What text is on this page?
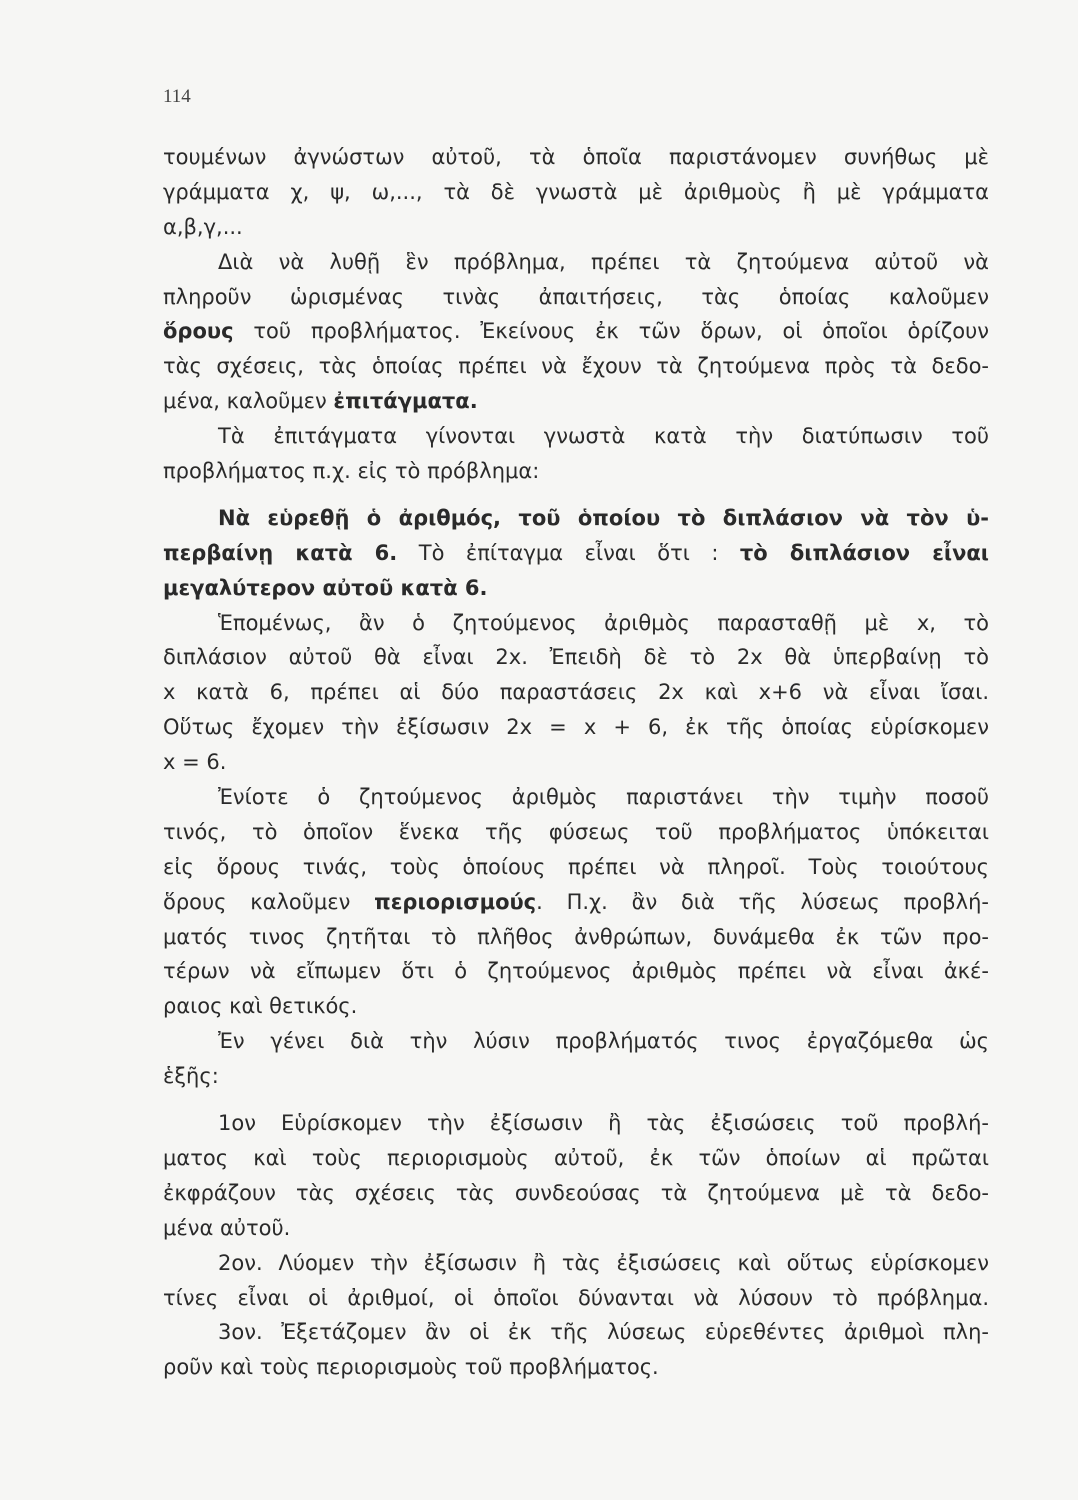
114
τουμένων ἀγνώστων αὐτοῦ, τὰ ὁποῖα παριστάνομεν συνήθως μὲ
γράμματα χ, ψ, ω,..., τὰ δὲ γνωστὰ μὲ ἀριθμοὺς ἢ μὲ γράμματα
α,β,γ,...
Διὰ νὰ λυθῇ ἓν πρόβλημα, πρέπει τὰ ζητούμενα αὐτοῦ νὰ
πληροῦν ὡρισμένας τινὰς ἀπαιτήσεις, τὰς ὁποίας καλοῦμεν
ὅρους τοῦ προβλήματος. Ἐκείνους ἐκ τῶν ὅρων, οἱ ὁποῖοι ὁρίζουν
τὰς σχέσεις, τὰς ὁποίας πρέπει νὰ ἔχουν τὰ ζητούμενα πρὸς τὰ δεδο-
μένα, καλοῦμεν ἐπιτάγματα.
Τὰ ἐπιτάγματα γίνονται γνωστὰ κατὰ τὴν διατύπωσιν τοῦ
προβλήματος π.χ. εἰς τὸ πρόβλημα:
Νὰ εὑρεθῇ ὁ ἀριθμός, τοῦ ὁποίου τὸ διπλάσιον νὰ τὸν ὑ-
περβαίνῃ κατὰ 6. Τὸ ἐπίταγμα εἶναι ὅτι : τὸ διπλάσιον εἶναι
μεγαλύτερον αὐτοῦ κατὰ 6.
Ἑπομένως, ἂν ὁ ζητούμενος ἀριθμὸς παρασταθῇ μὲ x, τὸ
διπλάσιον αὐτοῦ θὰ εἶναι 2x. Ἐπειδὴ δὲ τὸ 2x θὰ ὑπερβαίνῃ τὸ
x κατὰ 6, πρέπει αἱ δύο παραστάσεις 2x καὶ x+6 νὰ εἶναι ἴσαι.
Οὕτως ἔχομεν τὴν ἐξίσωσιν 2x = x + 6, ἐκ τῆς ὁποίας εὑρίσκομεν
x = 6.
Ἐνίοτε ὁ ζητούμενος ἀριθμὸς παριστάνει τὴν τιμὴν ποσοῦ
τινός, τὸ ὁποῖον ἕνεκα τῆς φύσεως τοῦ προβλήματος ὑπόκειται
εἰς ὅρους τινάς, τοὺς ὁποίους πρέπει νὰ πληροῖ. Τοὺς τοιούτους
ὅρους καλοῦμεν περιορισμούς. Π.χ. ἂν διὰ τῆς λύσεως προβλή-
ματός τινος ζητῆται τὸ πλῆθος ἀνθρώπων, δυνάμεθα ἐκ τῶν προ-
τέρων νὰ εἴπωμεν ὅτι ὁ ζητούμενος ἀριθμὸς πρέπει νὰ εἶναι ἀκέ-
ραιος καὶ θετικός.
Ἐν γένει διὰ τὴν λύσιν προβλήματός τινος ἐργαζόμεθα ὡς
ἑξῆς:
1ον Εὑρίσκομεν τὴν ἐξίσωσιν ἢ τὰς ἐξισώσεις τοῦ προβλή-
ματος καὶ τοὺς περιορισμοὺς αὐτοῦ, ἐκ τῶν ὁποίων αἱ πρῶται
ἐκφράζουν τὰς σχέσεις τὰς συνδεούσας τὰ ζητούμενα μὲ τὰ δεδο-
μένα αὐτοῦ.
2ον. Λύομεν τὴν ἐξίσωσιν ἢ τὰς ἐξισώσεις καὶ οὕτως εὑρίσκομεν
τίνες εἶναι οἱ ἀριθμοί, οἱ ὁποῖοι δύνανται νὰ λύσουν τὸ πρόβλημα.
3ον. Ἐξετάζομεν ἂν οἱ ἐκ τῆς λύσεως εὑρεθέντες ἀριθμοὶ πλη-
ροῦν καὶ τοὺς περιορισμοὺς τοῦ προβλήματος.
